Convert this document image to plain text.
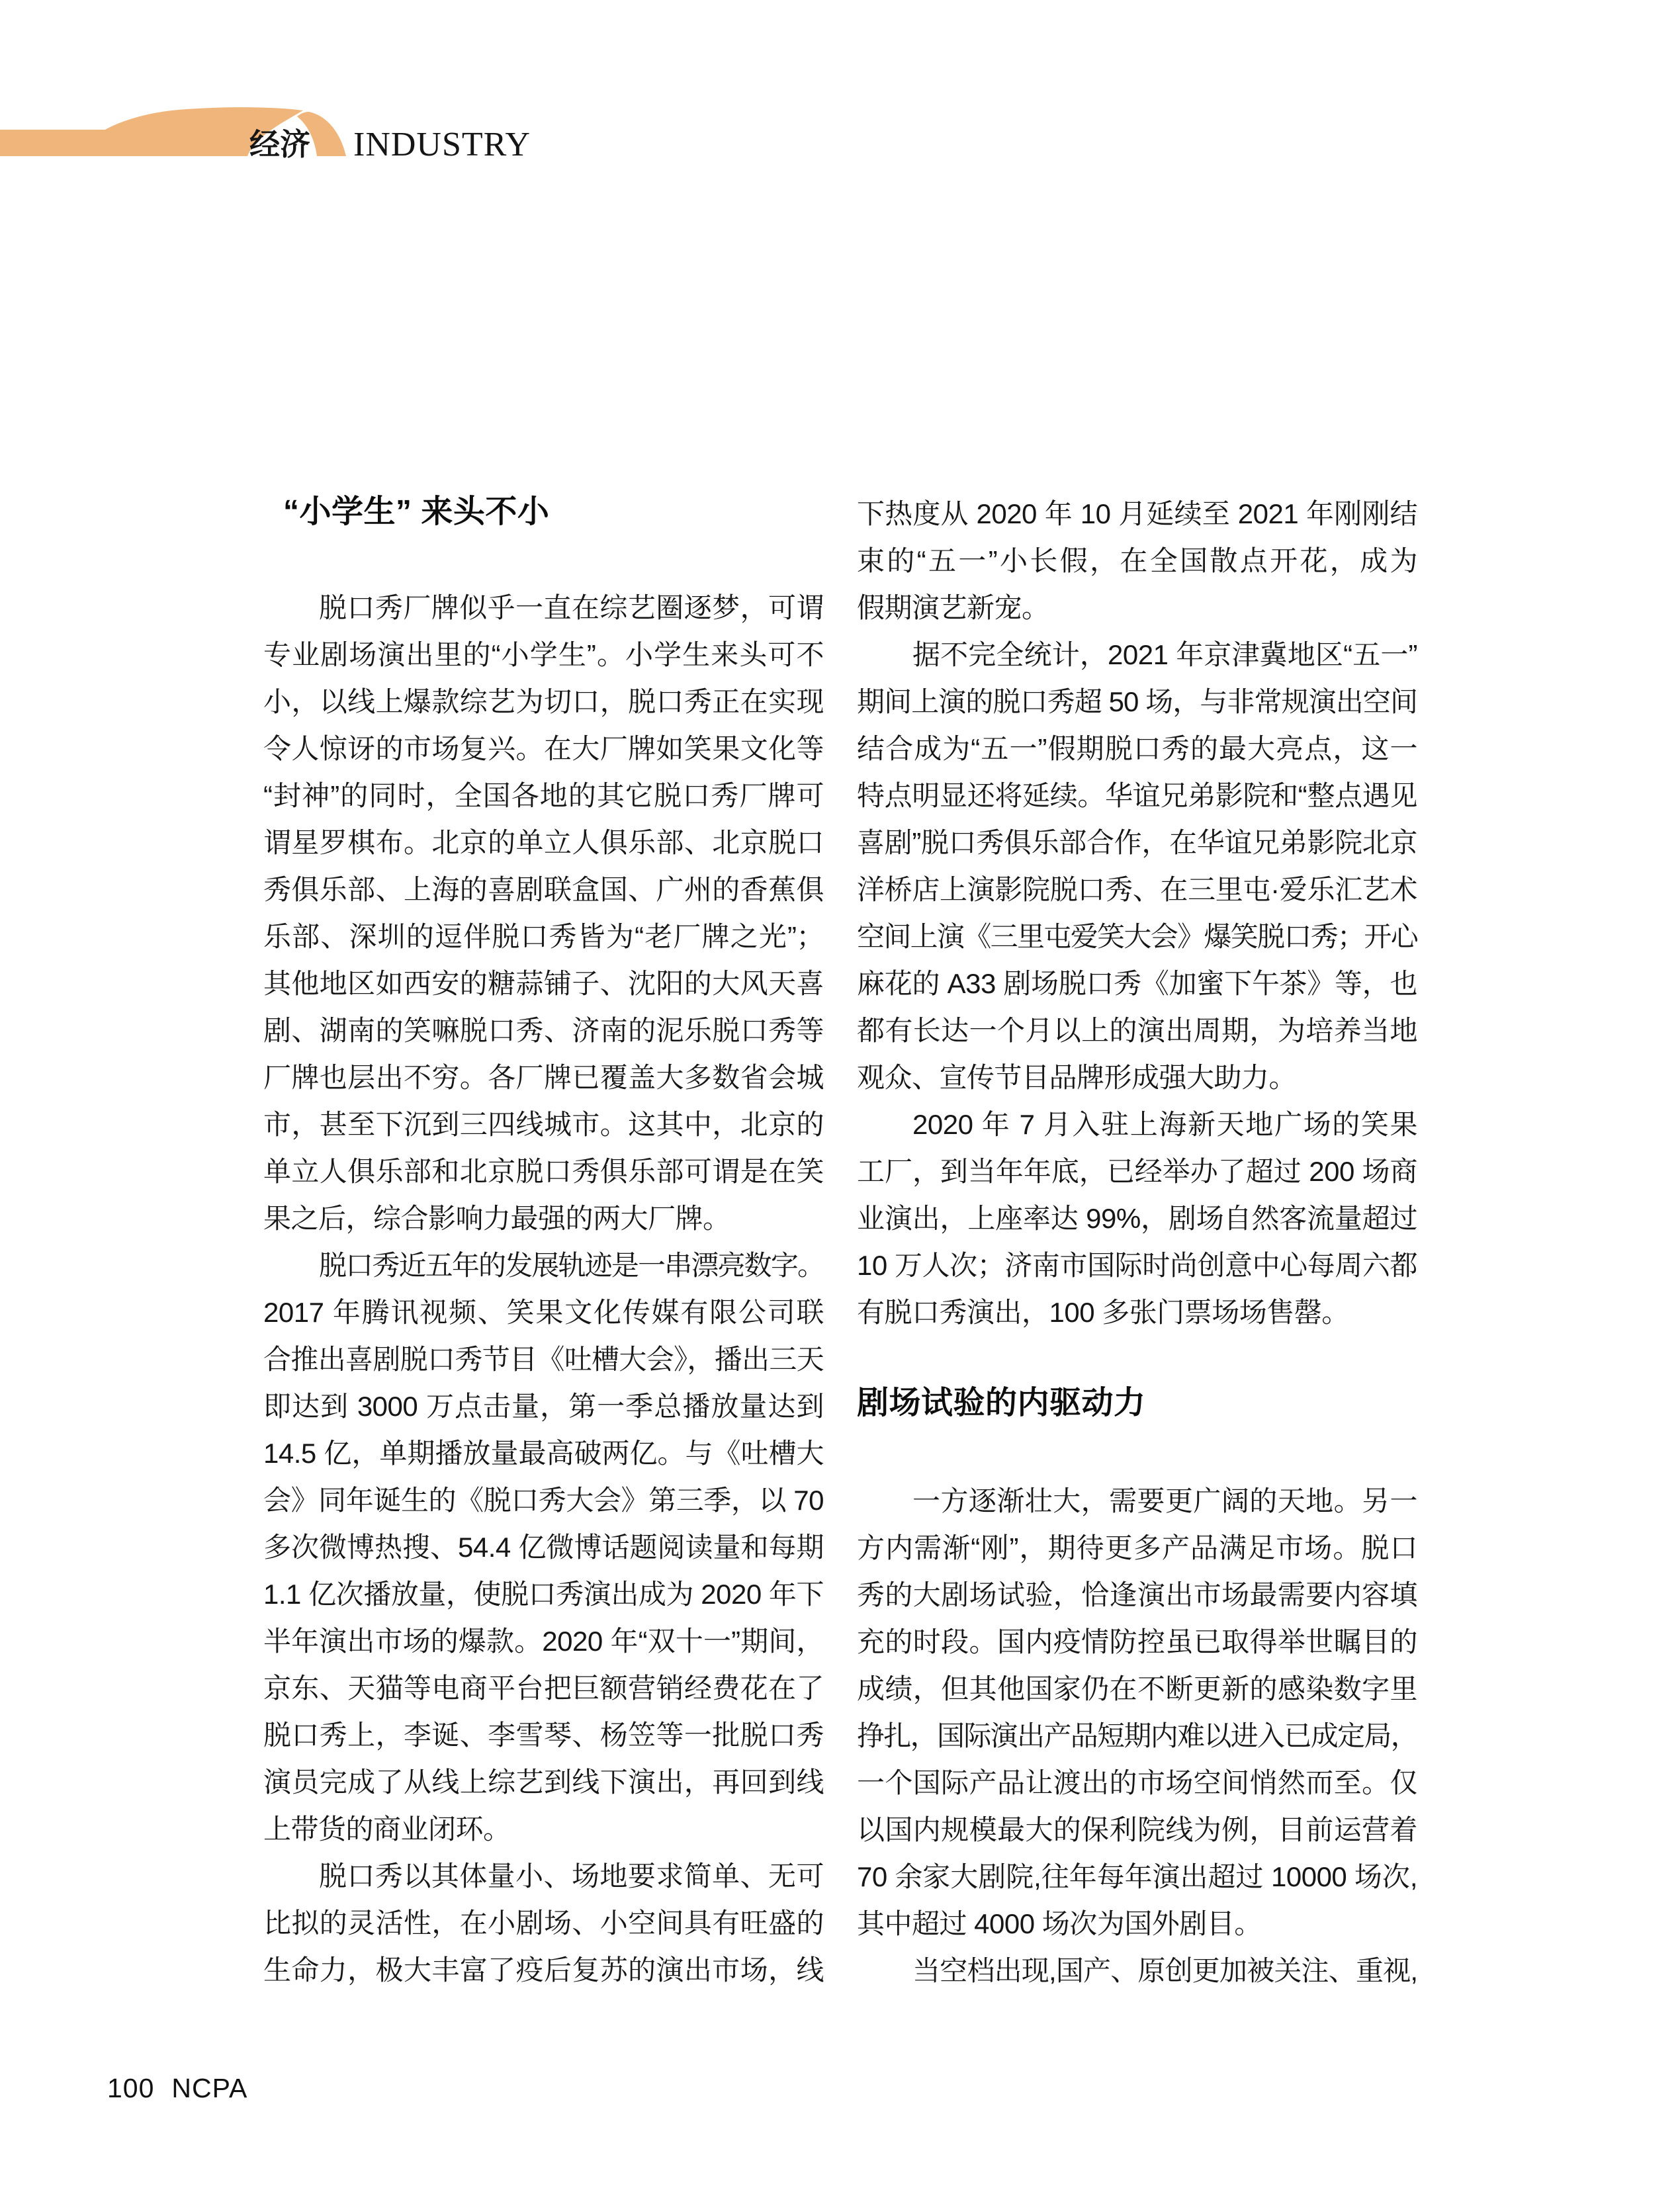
经济 INDUSTRY
“小学生” 来头不小
脱口秀厂牌似乎一直在综艺圈逐梦，可谓
专业剧场演出里的“小学生”。小学生来头可不
小，以线上爆款综艺为切口，脱口秀正在实现
令人惊讶的市场复兴。在大厂牌如笑果文化等
“封神”的同时，全国各地的其它脱口秀厂牌可
谓星罗棋布。北京的单立人俱乐部、北京脱口
秀俱乐部、上海的喜剧联盒国、广州的香蕉俱
乐部、深圳的逗伴脱口秀皆为“老厂牌之光”；
其他地区如西安的糖蒜铺子、沈阳的大风天喜
剧、湖南的笑嘛脱口秀、济南的泥乐脱口秀等
厂牌也层出不穷。各厂牌已覆盖大多数省会城
市，甚至下沉到三四线城市。这其中，北京的
单立人俱乐部和北京脱口秀俱乐部可谓是在笑
果之后，综合影响力最强的两大厂牌。
脱口秀近五年的发展轨迹是一串漂亮数字。
2017 年腾讯视频、笑果文化传媒有限公司联
合推出喜剧脱口秀节目《吐槽大会》，播出三天
即达到 3000 万点击量，第一季总播放量达到
14.5 亿，单期播放量最高破两亿。与《吐槽大
会》同年诞生的《脱口秀大会》第三季，以 70
多次微博热搜、54.4 亿微博话题阅读量和每期
1.1 亿次播放量，使脱口秀演出成为 2020 年下
半年演出市场的爆款。2020 年“双十一”期间，
京东、天猫等电商平台把巨额营销经费花在了
脱口秀上，李诞、李雪琴、杨笠等一批脱口秀
演员完成了从线上综艺到线下演出，再回到线
上带货的商业闭环。
脱口秀以其体量小、场地要求简单、无可
比拟的灵活性，在小剧场、小空间具有旺盛的
生命力，极大丰富了疫后复苏的演出市场，线
下热度从 2020 年 10 月延续至 2021 年刚刚结
束的“五一”小长假，在全国散点开花，成为
假期演艺新宠。
据不完全统计，2021 年京津冀地区“五一”
期间上演的脱口秀超 50 场，与非常规演出空间
结合成为“五一”假期脱口秀的最大亮点，这一
特点明显还将延续。华谊兄弟影院和“整点遇见
喜剧”脱口秀俱乐部合作，在华谊兄弟影院北京
洋桥店上演影院脱口秀、在三里屯·爱乐汇艺术
空间上演《三里屯爱笑大会》爆笑脱口秀；开心
麻花的 A33 剧场脱口秀《加蜜下午茶》等，也
都有长达一个月以上的演出周期，为培养当地
观众、宣传节目品牌形成强大助力。
2020 年 7 月入驻上海新天地广场的笑果
工厂，到当年年底，已经举办了超过 200 场商
业演出，上座率达 99%，剧场自然客流量超过
10 万人次；济南市国际时尚创意中心每周六都
有脱口秀演出，100 多张门票场场售罄。
剧场试验的内驱动力
一方逐渐壮大，需要更广阔的天地。另一
方内需渐“刚”，期待更多产品满足市场。脱口
秀的大剧场试验，恰逢演出市场最需要内容填
充的时段。国内疫情防控虽已取得举世瞩目的
成绩，但其他国家仍在不断更新的感染数字里
挣扎，国际演出产品短期内难以进入已成定局，
一个国际产品让渡出的市场空间悄然而至。仅
以国内规模最大的保利院线为例，目前运营着
70 余家大剧院,往年每年演出超过 10000 场次,
其中超过 4000 场次为国外剧目。
当空档出现,国产、原创更加被关注、重视,
100 NCPA
